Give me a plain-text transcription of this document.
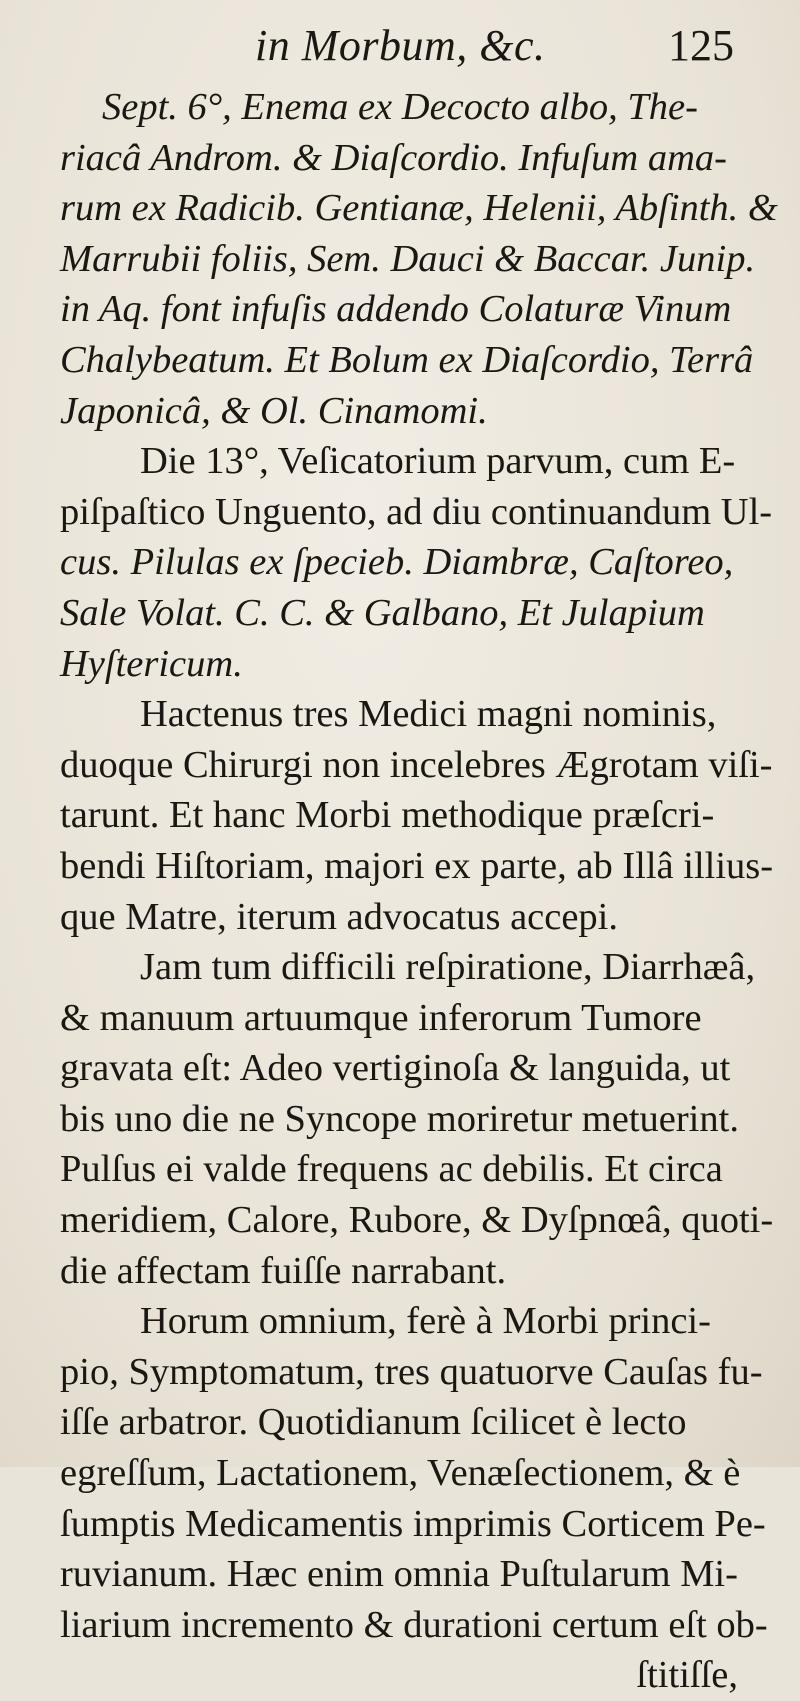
in Morbum, &c.	125
Sept. 6°, Enema ex Decocto albo, The-
riacâ Androm. & Diaſcordio. Infuſum ama-
rum ex Radicib. Gentianæ, Helenii, Abſinth. &
Marrubii foliis, Sem. Dauci & Baccar. Junip.
in Aq. font infuſis addendo Colaturæ Vinum
Chalybeatum. Et Bolum ex Diaſcordio, Terrâ
Japonicâ, & Ol. Cinamomi.
Die 13°, Veſicatorium parvum, cum E-
piſpaſtico Unguento, ad diu continuandum Ul-
cus. Pilulas ex ſpecieb. Diambræ, Caſtoreo,
Sale Volat. C. C. & Galbano, Et Julapium
Hyſtericum.
Hactenus tres Medici magni nominis,
duoque Chirurgi non incelebres Ægrotam viſi-
tarunt. Et hanc Morbi methodique præſcri-
bendi Hiſtoriam, majori ex parte, ab Illâ illius-
que Matre, iterum advocatus accepi.
Jam tum difficili reſpiratione, Diarrhæâ,
& manuum artuumque inferorum Tumore
gravata eſt: Adeo vertiginoſa & languida, ut
bis uno die ne Syncope moriretur metuerint.
Pulſus ei valde frequens ac debilis. Et circa
meridiem, Calore, Rubore, & Dyſpnœâ, quoti-
die affectam fuiſſe narrabant.
Horum omnium, ferè à Morbi princi-
pio, Symptomatum, tres quatuorve Cauſas fu-
iſſe arbatror. Quotidianum ſcilicet è lecto
egreſſum, Lactationem, Venæſectionem, & è
ſumptis Medicamentis imprimis Corticem Pe-
ruvianum. Hæc enim omnia Puſtularum Mi-
liarium incremento & durationi certum eſt ob-
ſtitiſſe,
